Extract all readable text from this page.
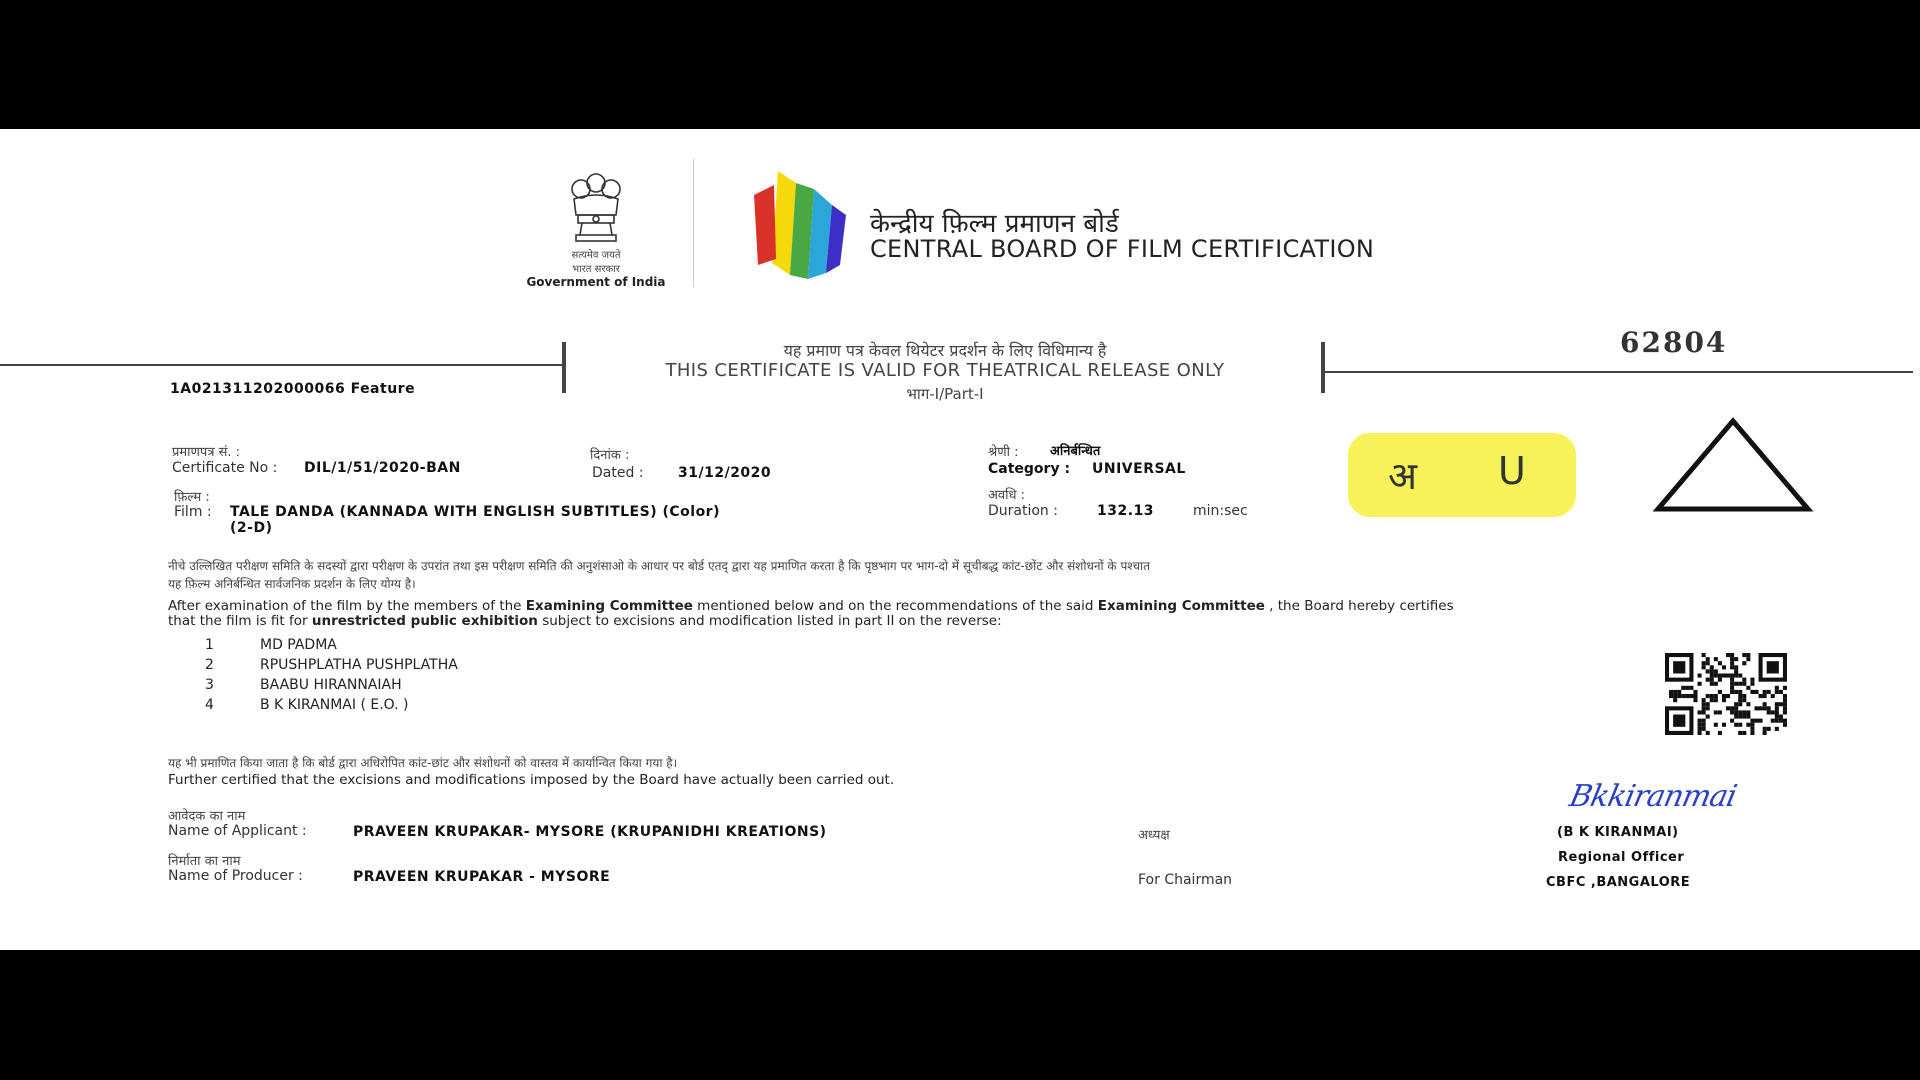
सत्यमेव जयते
भारत सरकार
Government of India
केन्द्रीय फ़िल्म प्रमाणन बोर्ड
CENTRAL BOARD OF FILM CERTIFICATION
यह प्रमाण पत्र केवल थियेटर प्रदर्शन के लिए विधिमान्य है
THIS CERTIFICATE IS VALID FOR THEATRICAL RELEASE ONLY
भाग-I/Part-I
62804
1A021311202000066 Feature
प्रमाणपत्र सं. :
Certificate No : DIL/1/51/2020-BAN
दिनांक :
Dated : 31/12/2020
श्रेणी : अनिर्बन्धित
Category : UNIVERSAL
फ़िल्म :
Film : TALE DANDA (KANNADA WITH ENGLISH SUBTITLES) (Color)
(2-D)
अवधि :
Duration :	132.13	min:sec
अ U
नीचे उल्लिखित परीक्षण समिति के सदस्यों द्वारा परीक्षण के उपरांत तथा इस परीक्षण समिति की अनुशंसाओ के आधार पर बोर्ड एतद् द्वारा यह प्रमाणित करता है कि पृष्ठभाग पर भाग-दो में सूचीबद्ध कांट-छोंट और संशोधनों के पश्चात
यह फ़िल्म अनिर्बन्धित सार्वजनिक प्रदर्शन के लिए योग्य है।
After examination of the film by the members of the Examining Committee mentioned below and on the recommendations of the said Examining Committee , the Board hereby certifies
that the film is fit for unrestricted public exhibition subject to excisions and modification listed in part II on the reverse:
1	MD PADMA
2	RPUSHPLATHA PUSHPLATHA
3	BAABU HIRANNAIAH
4	B K KIRANMAI ( E.O. )
यह भी प्रमाणित किया जाता है कि बोर्ड द्वारा अधिरोपित कांट-छांट और संशोधनों को वास्तव में कार्यान्वित किया गया है।
Further certified that the excisions and modifications imposed by the Board have actually been carried out.
आवेदक का नाम
Name of Applicant :	PRAVEEN KRUPAKAR- MYSORE (KRUPANIDHI KREATIONS)
निर्माता का नाम
Name of Producer :	PRAVEEN KRUPAKAR - MYSORE
अध्यक्ष
For Chairman
Bkkiranmai
(B K KIRANMAI)
Regional Officer
CBFC ,BANGALORE
